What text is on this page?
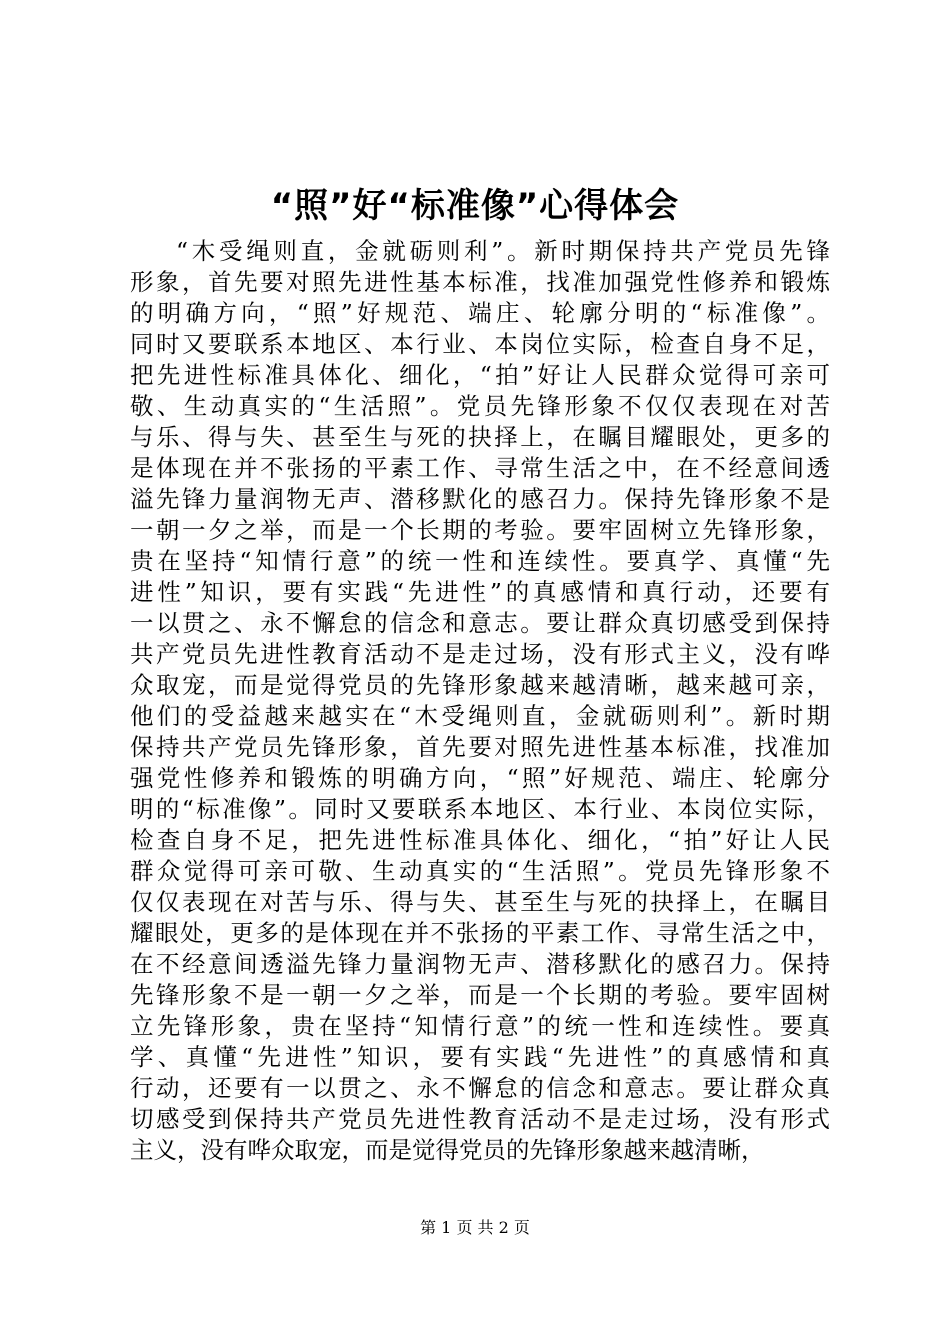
“照”好“标准像”心得体会
“木受绳则直，金就砺则利”。新时期保持共产党员先锋
形象，首先要对照先进性基本标准，找准加强党性修养和锻炼
的明确方向，“照”好规范、端庄、轮廓分明的“标准像”。
同时又要联系本地区、本行业、本岗位实际，检查自身不足，
把先进性标准具体化、细化，“拍”好让人民群众觉得可亲可
敬、生动真实的“生活照”。党员先锋形象不仅仅表现在对苦
与乐、得与失、甚至生与死的抉择上，在瞩目耀眼处，更多的
是体现在并不张扬的平素工作、寻常生活之中，在不经意间透
溢先锋力量润物无声、潜移默化的感召力。保持先锋形象不是
一朝一夕之举，而是一个长期的考验。要牢固树立先锋形象，
贵在坚持“知情行意”的统一性和连续性。要真学、真懂“先
进性”知识，要有实践“先进性”的真感情和真行动，还要有
一以贯之、永不懈怠的信念和意志。要让群众真切感受到保持
共产党员先进性教育活动不是走过场，没有形式主义，没有哗
众取宠，而是觉得党员的先锋形象越来越清晰，越来越可亲，
他们的受益越来越实在“木受绳则直，金就砺则利”。新时期
保持共产党员先锋形象，首先要对照先进性基本标准，找准加
强党性修养和锻炼的明确方向，“照”好规范、端庄、轮廓分
明的“标准像”。同时又要联系本地区、本行业、本岗位实际，
检查自身不足，把先进性标准具体化、细化，“拍”好让人民
群众觉得可亲可敬、生动真实的“生活照”。党员先锋形象不
仅仅表现在对苦与乐、得与失、甚至生与死的抉择上，在瞩目
耀眼处，更多的是体现在并不张扬的平素工作、寻常生活之中，
在不经意间透溢先锋力量润物无声、潜移默化的感召力。保持
先锋形象不是一朝一夕之举，而是一个长期的考验。要牢固树
立先锋形象，贵在坚持“知情行意”的统一性和连续性。要真
学、真懂“先进性”知识，要有实践“先进性”的真感情和真
行动，还要有一以贯之、永不懈怠的信念和意志。要让群众真
切感受到保持共产党员先进性教育活动不是走过场，没有形式
主义，没有哗众取宠，而是觉得党员的先锋形象越来越清晰，
第 1 页 共 2 页
